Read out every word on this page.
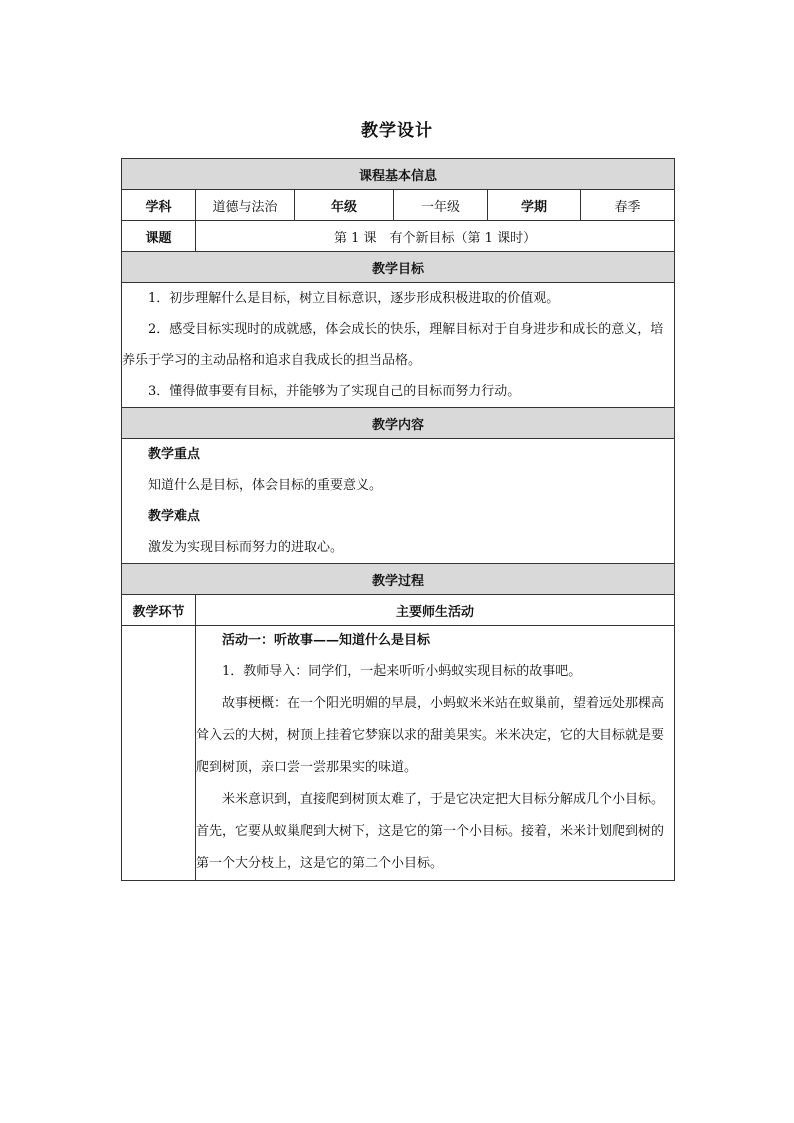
教学设计
课程基本信息					
学科	道德与法治	年级	一年级	学期	春季
课题	第 1 课　有个新目标（第 1 课时）				
教学目标					

1．初步理解什么是目标，树立目标意识，逐步形成积极进取的价值观。

2．感受目标实现时的成就感，体会成长的快乐，理解目标对于自身进步和成长的意义，培养乐于学习的主动品格和追求自我成长的担当品格。

3．懂得做事要有目标，并能够为了实现自己的目标而努力行动。					

教学内容					

教学重点

知道什么是目标，体会目标的重要意义。

教学难点

激发为实现目标而努力的进取心。					

教学过程					
教学环节	主要师生活动				

	活动一：听故事——知道什么是目标

1．教师导入：同学们，一起来听听小蚂蚁实现目标的故事吧。

故事梗概：在一个阳光明媚的早晨，小蚂蚁米米站在蚁巢前，望着远处那棵高耸入云的大树，树顶上挂着它梦寐以求的甜美果实。米米决定，它的大目标就是要爬到树顶，亲口尝一尝那果实的味道。

米米意识到，直接爬到树顶太难了，于是它决定把大目标分解成几个小目标。首先，它要从蚁巢爬到大树下，这是它的第一个小目标。接着，米米计划爬到树的第一个大分枝上，这是它的第二个小目标。				
